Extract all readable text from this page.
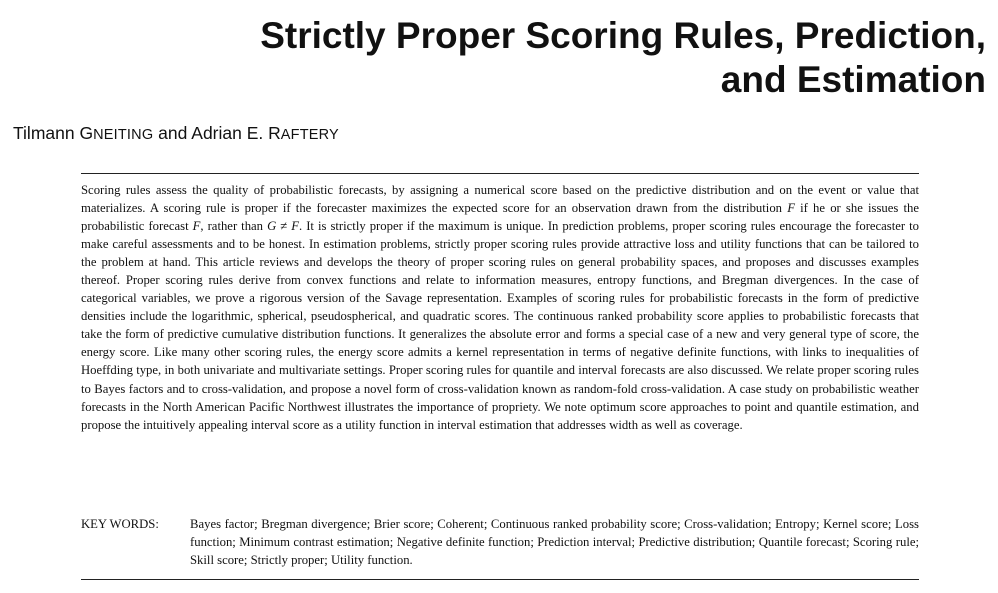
Strictly Proper Scoring Rules, Prediction,
and Estimation
Tilmann GNEITING and Adrian E. RAFTERY

Scoring rules assess the quality of probabilistic forecasts, by assigning a numerical score based on the predictive distribution and on the event or value that materializes. A scoring rule is proper if the forecaster maximizes the expected score for an observation drawn from the distribution F if he or she issues the probabilistic forecast F, rather than G ≠ F. It is strictly proper if the maximum is unique. In prediction problems, proper scoring rules encourage the forecaster to make careful assessments and to be honest. In estimation problems, strictly proper scoring rules provide attractive loss and utility functions that can be tailored to the problem at hand. This article reviews and develops the theory of proper scoring rules on general probability spaces, and proposes and discusses examples thereof. Proper scoring rules derive from convex functions and relate to information measures, entropy functions, and Bregman divergences. In the case of categorical variables, we prove a rigorous version of the Savage representation. Examples of scoring rules for probabilistic forecasts in the form of predictive densities include the logarithmic, spherical, pseudospherical, and quadratic scores. The continuous ranked probability score applies to probabilistic forecasts that take the form of predictive cumulative distribution functions. It generalizes the absolute error and forms a special case of a new and very general type of score, the energy score. Like many other scoring rules, the energy score admits a kernel representation in terms of negative definite functions, with links to inequalities of Hoeffding type, in both univariate and multivariate settings. Proper scoring rules for quantile and interval forecasts are also discussed. We relate proper scoring rules to Bayes factors and to cross-validation, and propose a novel form of cross-validation known as random-fold cross-validation. A case study on probabilistic weather forecasts in the North American Pacific Northwest illustrates the importance of propriety. We note optimum score approaches to point and quantile estimation, and propose the intuitively appealing interval score as a utility function in interval estimation that addresses width as well as coverage.

KEY WORDS: Bayes factor; Bregman divergence; Brier score; Coherent; Continuous ranked probability score; Cross-validation; Entropy; Kernel score; Loss function; Minimum contrast estimation; Negative definite function; Prediction interval; Predictive distribution; Quantile forecast; Scoring rule; Skill score; Strictly proper; Utility function.
